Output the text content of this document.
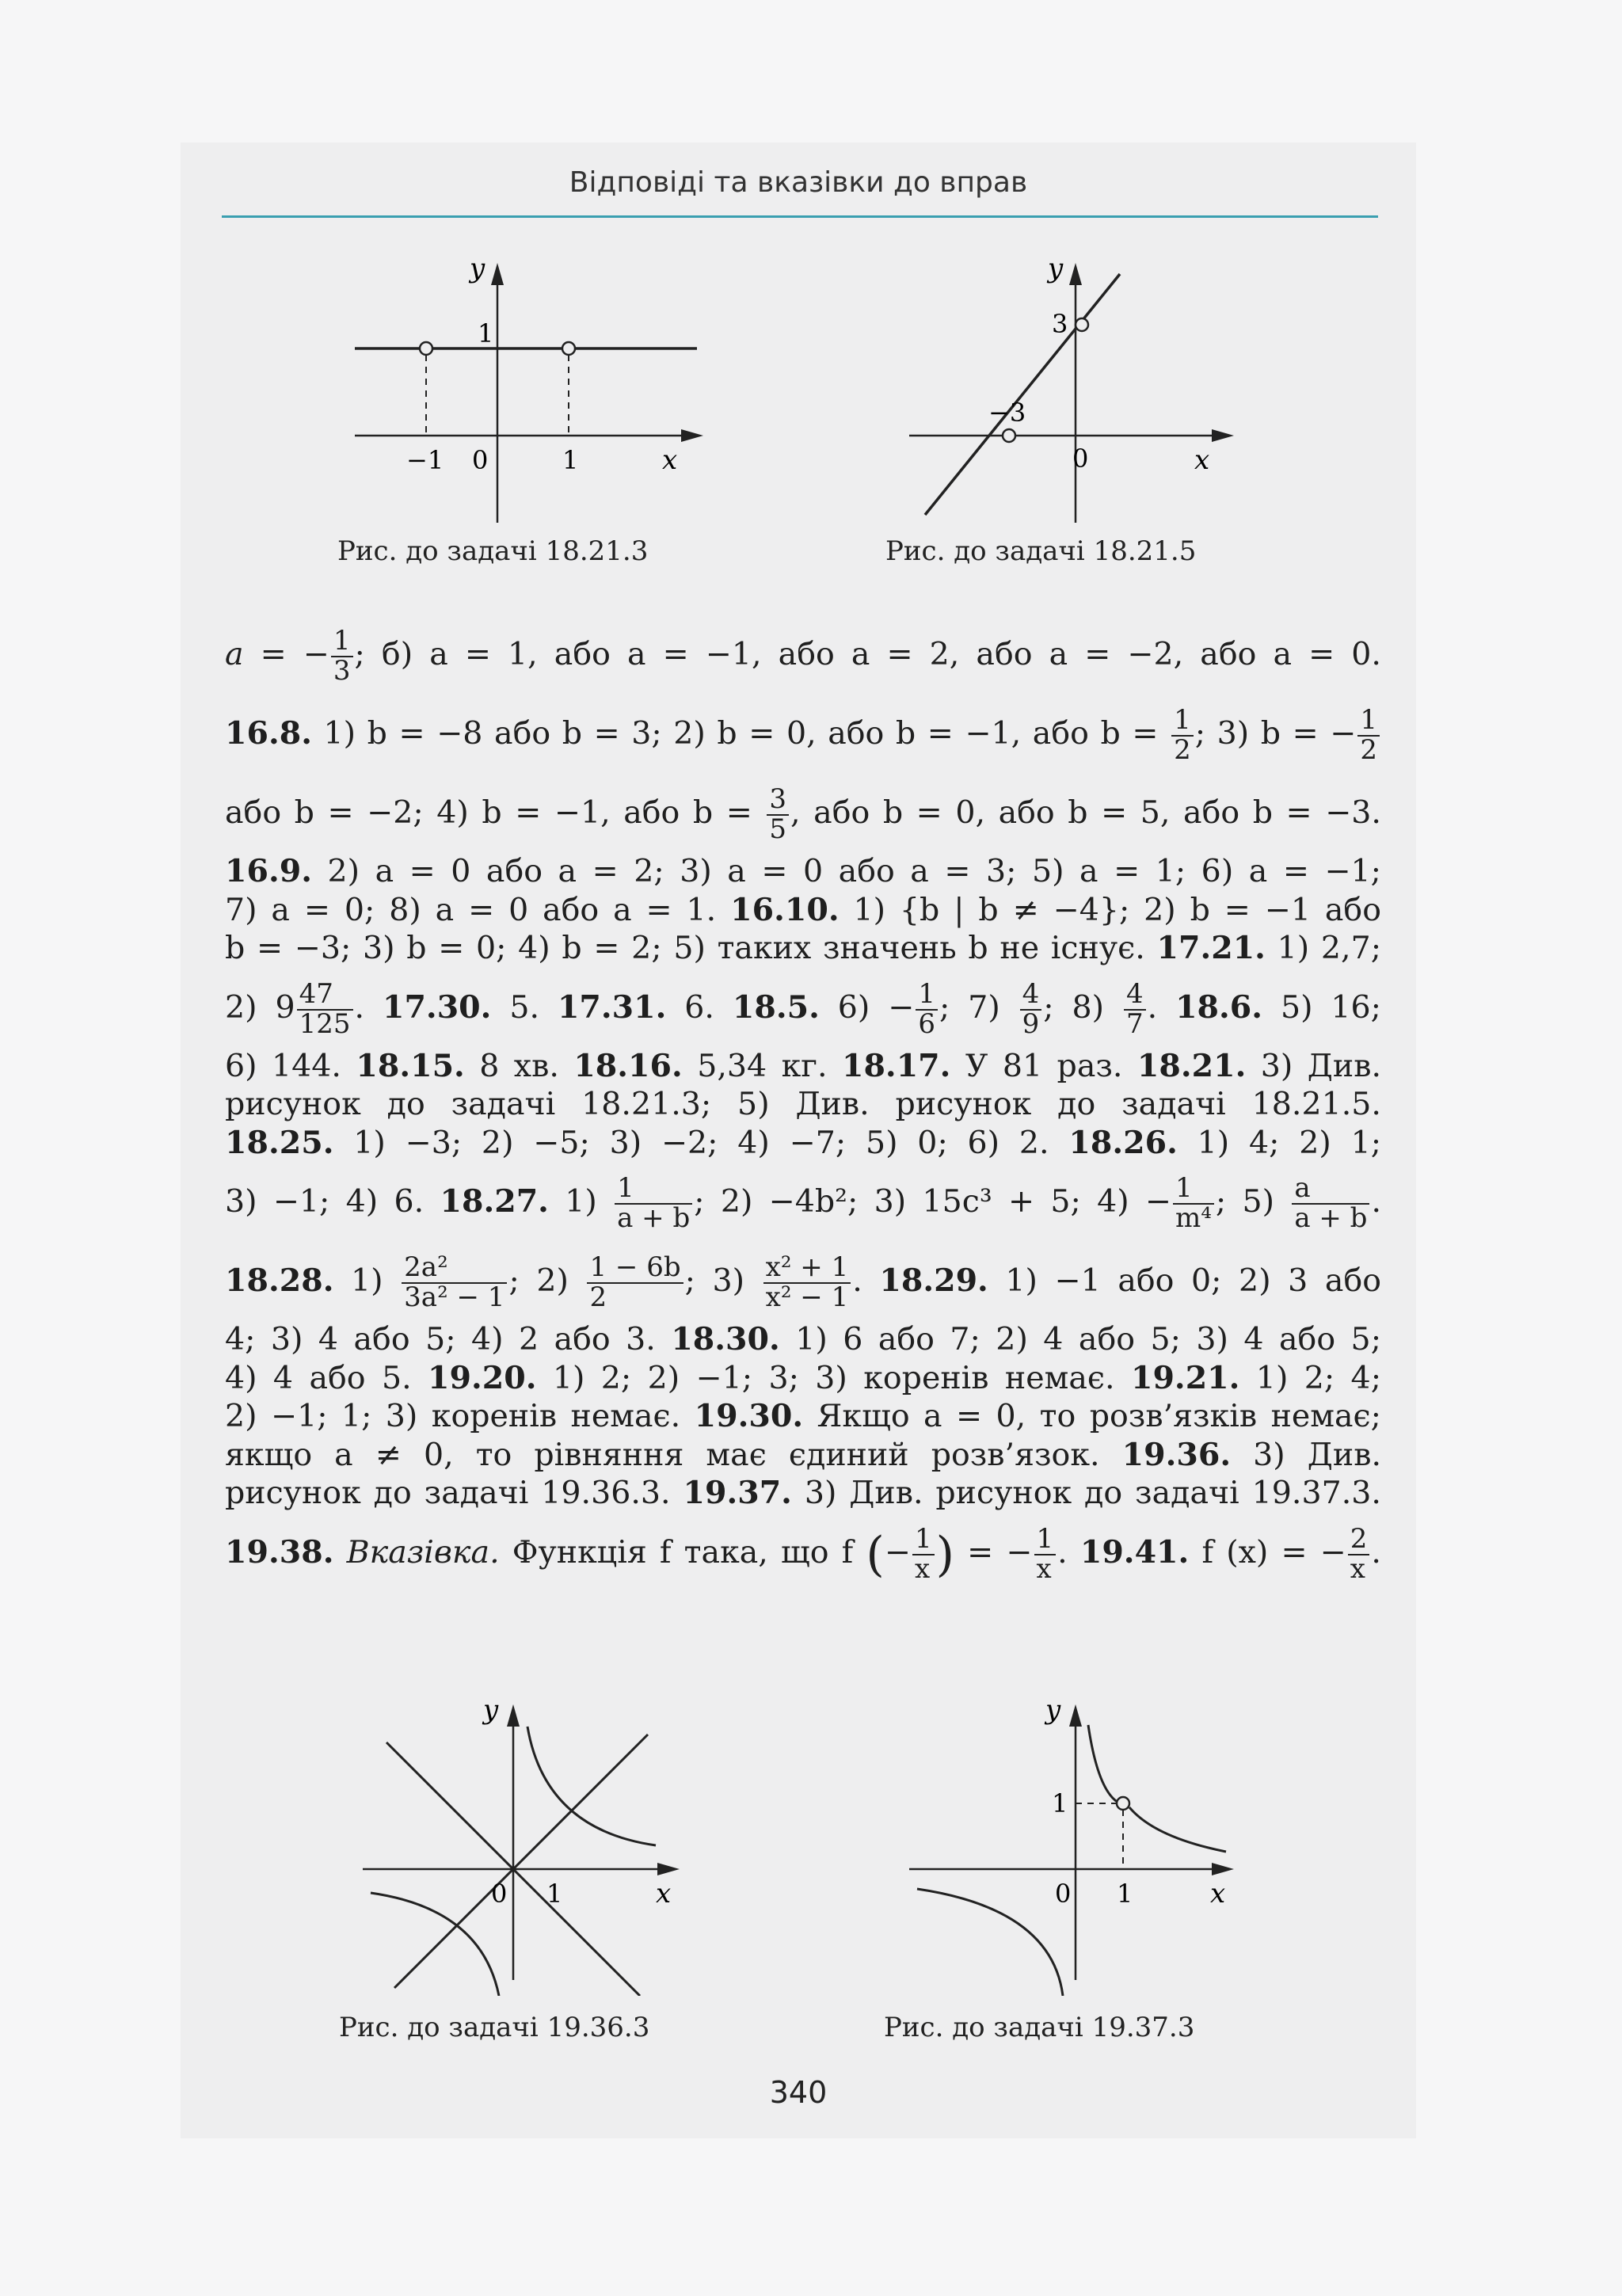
Відповіді та вказівки до вправ
y
1
−1 0	1	x
Рис. до задачі 18.21.3
y
3
−3
0	x
Рис. до задачі 18.21.5
a = − $\frac{1}{3}$ ; б) a = 1, або a = −1, або a = 2, або a = −2, або a = 0.
16.8. 1) b = −8 або b = 3; 2) b = 0, або b = −1, або $b = \frac{1}{2}$ ; 3) b = − $\frac{1}{2}$
або b = −2; 4) b = −1, або $b = \frac{3}{5}$ , або b = 0, або b = 5, або b = −3.
16.9. 2) a = 0 або a = 2; 3) a = 0 або a = 3; 5) a = 1; 6) a = −1;
7) a = 0; 8) a = 0 або a = 1. 16.10. 1) {b | b ≠ −4}; 2) b = −1 або
b = −3; 3) b = 0; 4) b = 2; 5) таких значень b не існує. 17.21. 1) 2,7;
2) $9 \frac{47}{125}$ . 17.30. 5. 17.31. 6. 18.5. $6) - \frac{1}{6}$ ; $7) \frac{4}{9}$ ; $8) \frac{4}{7}$ . 18.6. 5) 16;
6) 144. 18.15. 8 хв. 18.16. 5,34 кг. 18.17. У 81 раз. 18.21. 3) Див.
рисунок до задачі 18.21.3; 5) Див. рисунок до задачі 18.21.5.
18.25. 1) −3; 2) −5; 3) −2; 4) −7; 5) 0; 6) 2. 18.26. 1) 4; 2) 1;
3) −1; 4) 6. 18.27. $1) \frac{1}{a + b}$ ; 2) −4b²; 3) 15c³ + 5; $4) - \frac{1}{\text{m⁴}}$ ; $5) \frac{a}{a + b}$ .
18.28. $1) \frac{\text{2a²}}{\text{3a² − 1}}$ ; $2) \frac{1 - 6b}{2}$ ; $3) \frac{\text{x² + 1}}{\text{x² − 1}}$ . 18.29. 1) −1 або 0; 2) 3 або
4; 3) 4 або 5; 4) 2 або 3. 18.30. 1) 6 або 7; 2) 4 або 5; 3) 4 або 5;
4) 4 або 5. 19.20. 1) 2; 2) −1; 3; 3) коренів немає. 19.21. 1) 2; 4;
2) −1; 1; 3) коренів немає. 19.30. Якщо a = 0, то розв’язків немає;
якщо a ≠ 0, то рівняння має єдиний розв’язок. 19.36. 3) Див.
рисунок до задачі 19.36.3. 19.37. 3) Див. рисунок до задачі 19.37.3.
19.38. Вказівка. Функція f така, що f (− $\frac{1}{x}$ ) = − $\frac{1}{x}$ . 19.41. f (x) = − $\frac{2}{x}$ .
y
0 1	x
Рис. до задачі 19.36.3
y
1
0 1	x
Рис. до задачі 19.37.3
340
